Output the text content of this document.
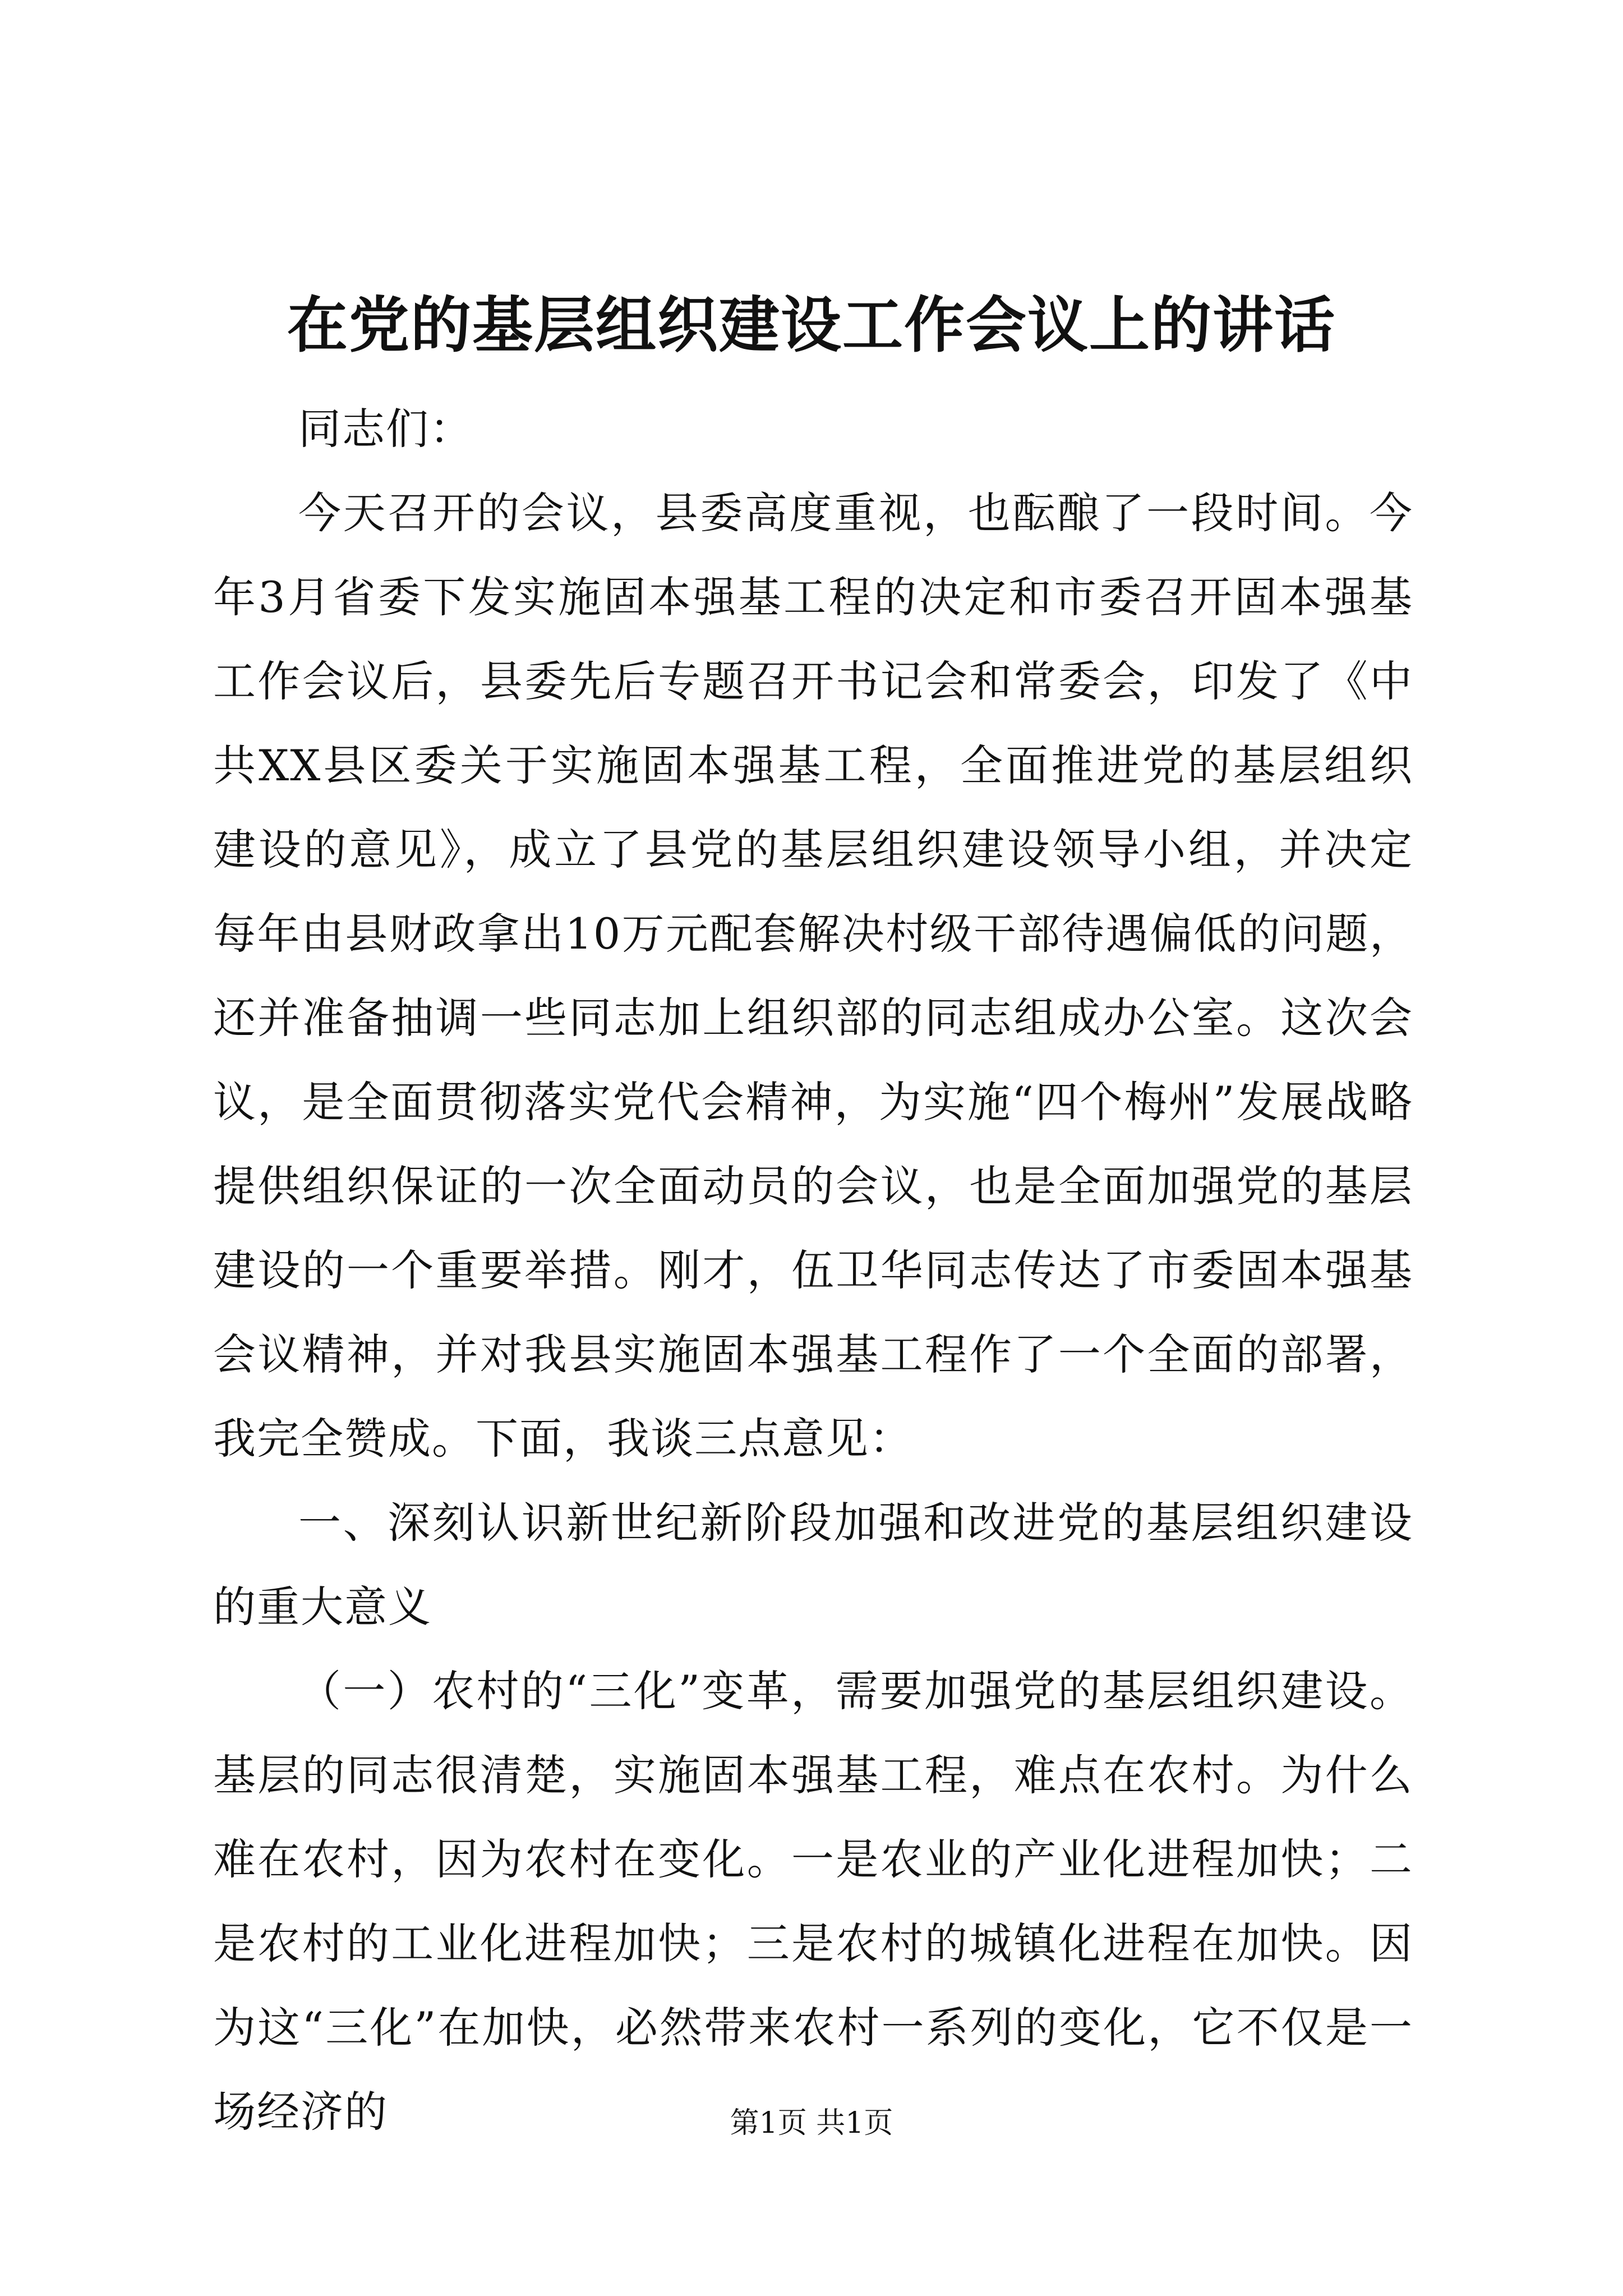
在党的基层组织建设工作会议上的讲话

同志们：

今天召开的会议，县委高度重视，也酝酿了一段时间。今年3月省委下发实施固本强基工程的决定和市委召开固本强基工作会议后，县委先后专题召开书记会和常委会，印发了《中共XX县区委关于实施固本强基工程，全面推进党的基层组织建设的意见》，成立了县党的基层组织建设领导小组，并决定每年由县财政拿出10万元配套解决村级干部待遇偏低的问题，还并准备抽调一些同志加上组织部的同志组成办公室。这次会议，是全面贯彻落实党代会精神，为实施“四个梅州”发展战略提供组织保证的一次全面动员的会议，也是全面加强党的基层建设的一个重要举措。刚才，伍卫华同志传达了市委固本强基会议精神，并对我县实施固本强基工程作了一个全面的部署，我完全赞成。下面，我谈三点意见：

一、深刻认识新世纪新阶段加强和改进党的基层组织建设的重大意义

（一）农村的“三化”变革，需要加强党的基层组织建设。基层的同志很清楚，实施固本强基工程，难点在农村。为什么难在农村，因为农村在变化。一是农业的产业化进程加快；二是农村的工业化进程加快；三是农村的城镇化进程在加快。因为这“三化”在加快，必然带来农村一系列的变化，它不仅是一场经济的	第1页 共1页
